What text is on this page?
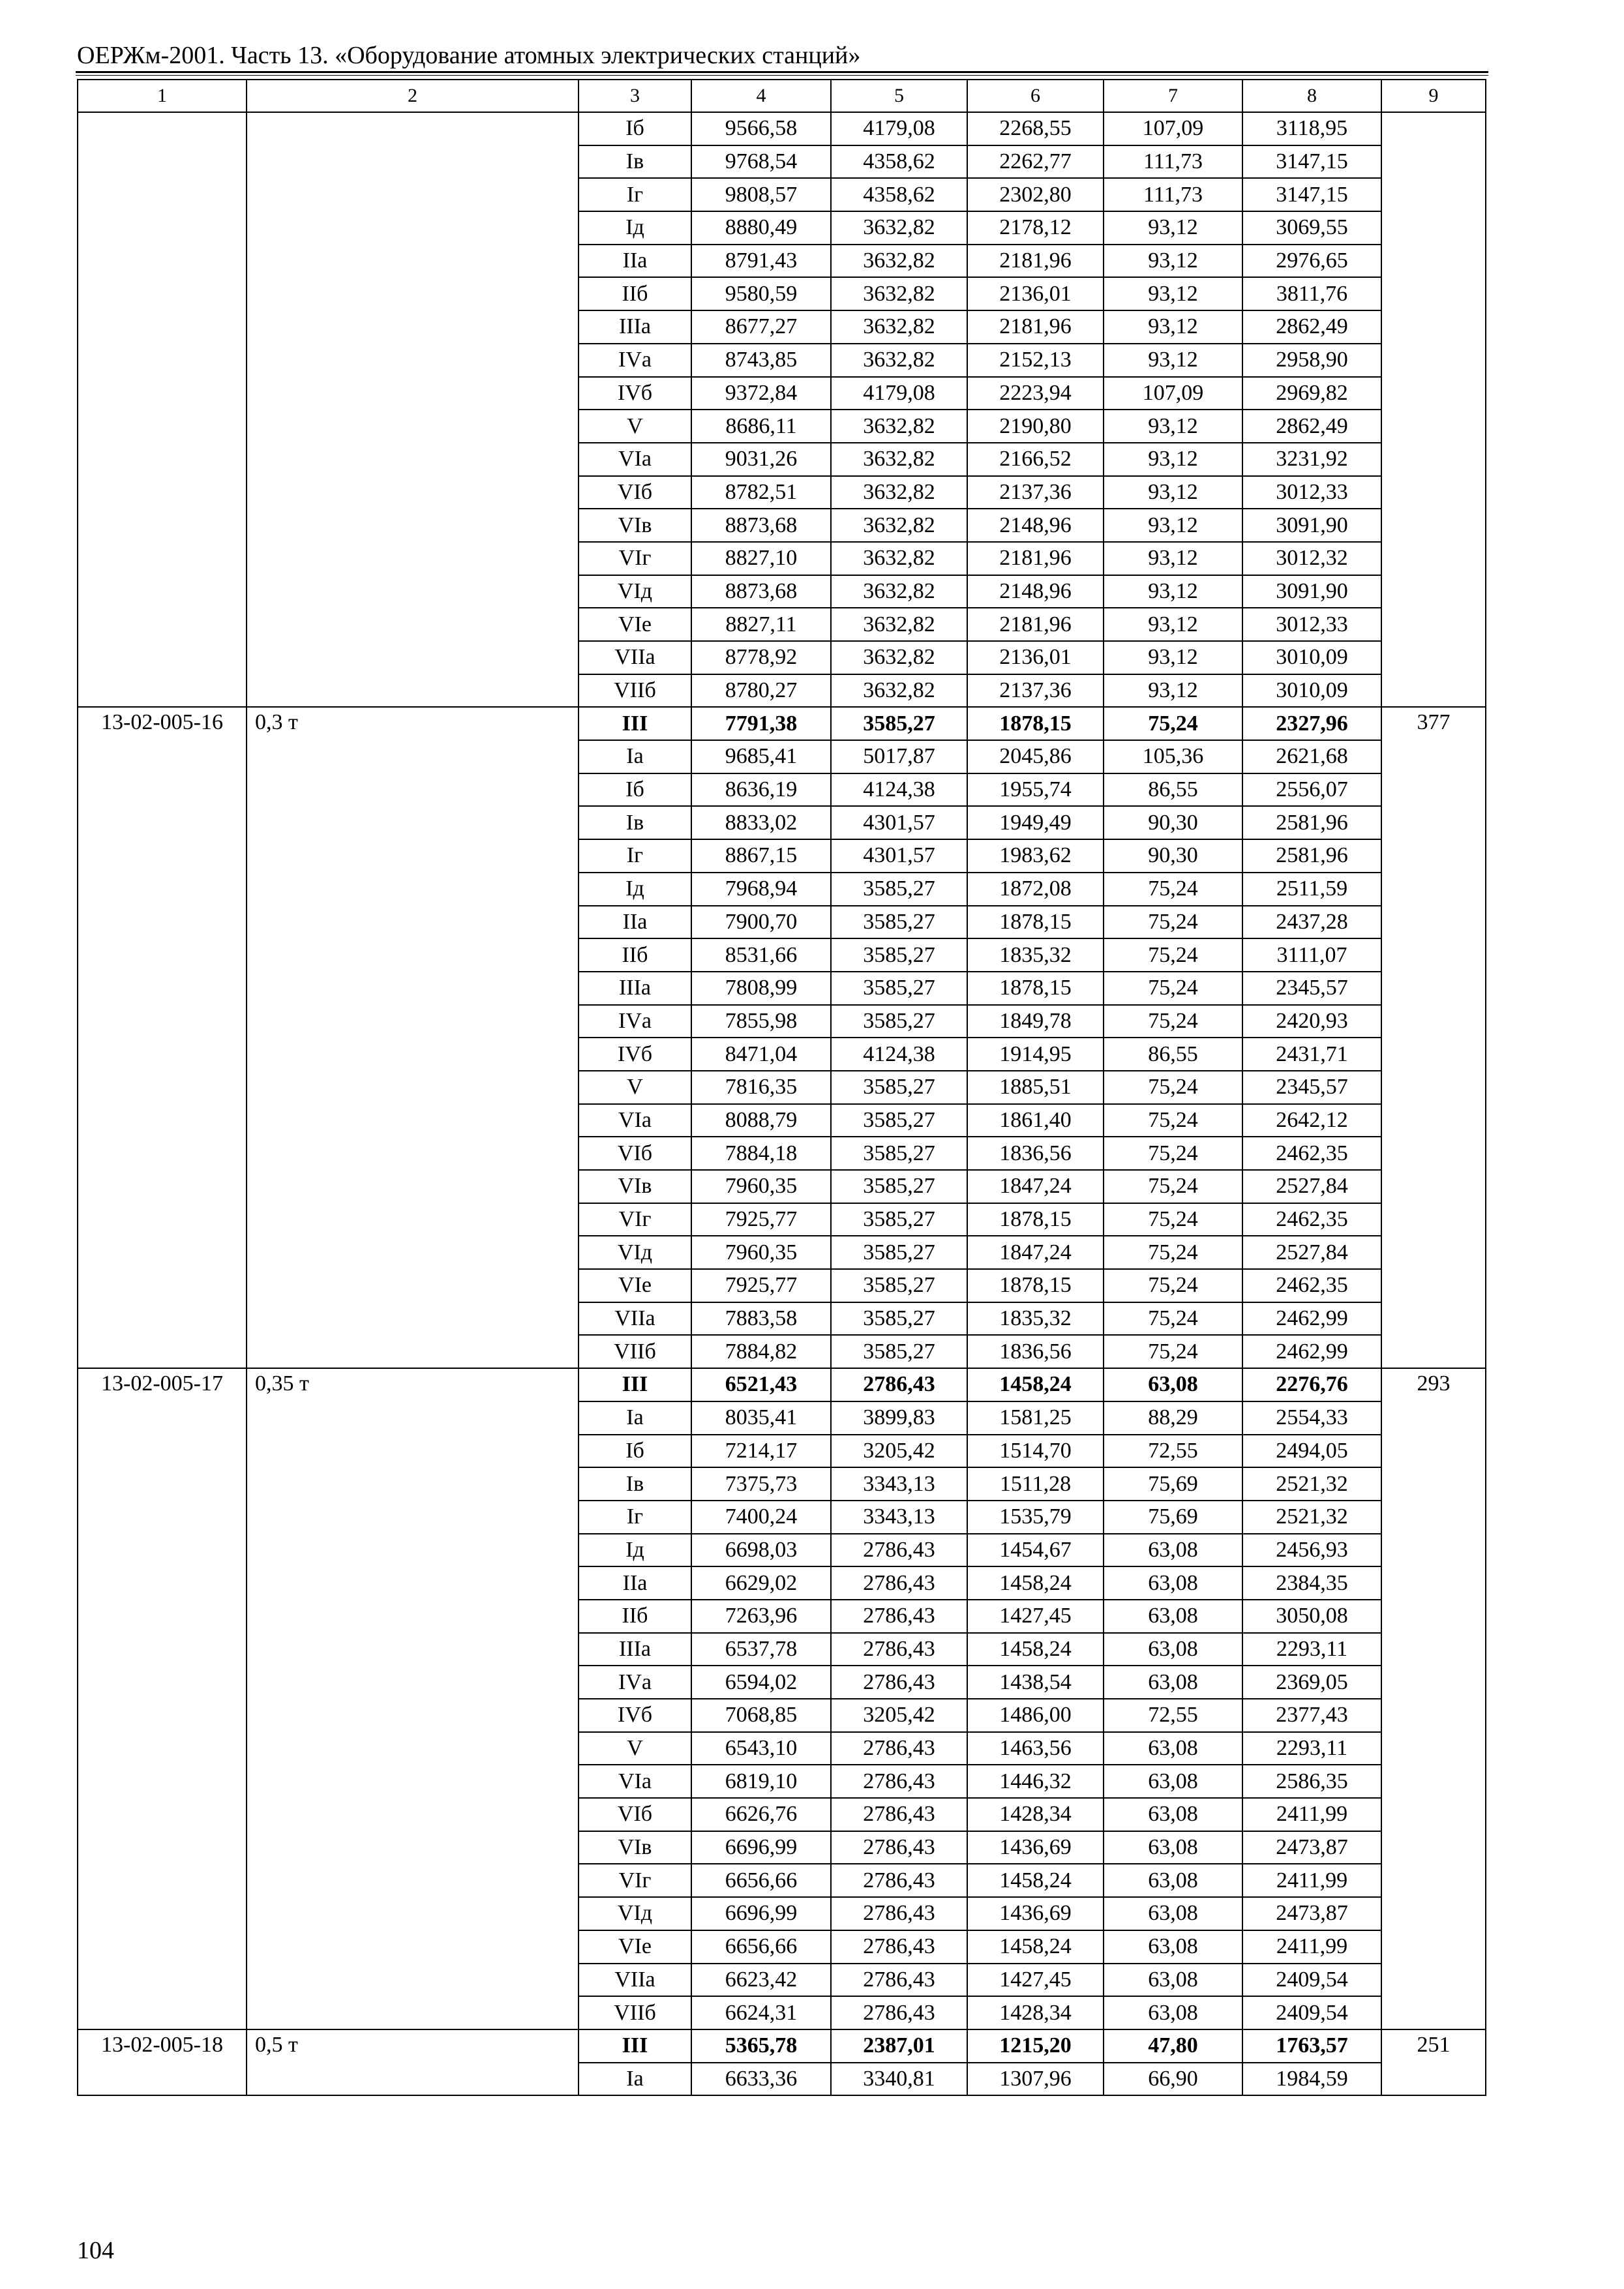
ОЕРЖм-2001. Часть 13. «Оборудование атомных электрических станций»
1	2	3	4	5	6	7	8	9
		Iб	9566,58	4179,08	2268,55	107,09	3118,95	
		Iв	9768,54	4358,62	2262,77	111,73	3147,15	
		Iг	9808,57	4358,62	2302,80	111,73	3147,15	
		Iд	8880,49	3632,82	2178,12	93,12	3069,55	
		IIа	8791,43	3632,82	2181,96	93,12	2976,65	
		IIб	9580,59	3632,82	2136,01	93,12	3811,76	
		IIIа	8677,27	3632,82	2181,96	93,12	2862,49	
		IVа	8743,85	3632,82	2152,13	93,12	2958,90	
		IVб	9372,84	4179,08	2223,94	107,09	2969,82	
		V	8686,11	3632,82	2190,80	93,12	2862,49	
		VIа	9031,26	3632,82	2166,52	93,12	3231,92	
		VIб	8782,51	3632,82	2137,36	93,12	3012,33	
		VIв	8873,68	3632,82	2148,96	93,12	3091,90	
		VIг	8827,10	3632,82	2181,96	93,12	3012,32	
		VIд	8873,68	3632,82	2148,96	93,12	3091,90	
		VIе	8827,11	3632,82	2181,96	93,12	3012,33	
		VIIа	8778,92	3632,82	2136,01	93,12	3010,09	
		VIIб	8780,27	3632,82	2137,36	93,12	3010,09	
13-02-005-16	0,3 т	III	7791,38	3585,27	1878,15	75,24	2327,96	377
		Iа	9685,41	5017,87	2045,86	105,36	2621,68	
		Iб	8636,19	4124,38	1955,74	86,55	2556,07	
		Iв	8833,02	4301,57	1949,49	90,30	2581,96	
		Iг	8867,15	4301,57	1983,62	90,30	2581,96	
		Iд	7968,94	3585,27	1872,08	75,24	2511,59	
		IIа	7900,70	3585,27	1878,15	75,24	2437,28	
		IIб	8531,66	3585,27	1835,32	75,24	3111,07	
		IIIа	7808,99	3585,27	1878,15	75,24	2345,57	
		IVа	7855,98	3585,27	1849,78	75,24	2420,93	
		IVб	8471,04	4124,38	1914,95	86,55	2431,71	
		V	7816,35	3585,27	1885,51	75,24	2345,57	
		VIа	8088,79	3585,27	1861,40	75,24	2642,12	
		VIб	7884,18	3585,27	1836,56	75,24	2462,35	
		VIв	7960,35	3585,27	1847,24	75,24	2527,84	
		VIг	7925,77	3585,27	1878,15	75,24	2462,35	
		VIд	7960,35	3585,27	1847,24	75,24	2527,84	
		VIе	7925,77	3585,27	1878,15	75,24	2462,35	
		VIIа	7883,58	3585,27	1835,32	75,24	2462,99	
		VIIб	7884,82	3585,27	1836,56	75,24	2462,99	
13-02-005-17	0,35 т	III	6521,43	2786,43	1458,24	63,08	2276,76	293
		Iа	8035,41	3899,83	1581,25	88,29	2554,33	
		Iб	7214,17	3205,42	1514,70	72,55	2494,05	
		Iв	7375,73	3343,13	1511,28	75,69	2521,32	
		Iг	7400,24	3343,13	1535,79	75,69	2521,32	
		Iд	6698,03	2786,43	1454,67	63,08	2456,93	
		IIа	6629,02	2786,43	1458,24	63,08	2384,35	
		IIб	7263,96	2786,43	1427,45	63,08	3050,08	
		IIIа	6537,78	2786,43	1458,24	63,08	2293,11	
		IVа	6594,02	2786,43	1438,54	63,08	2369,05	
		IVб	7068,85	3205,42	1486,00	72,55	2377,43	
		V	6543,10	2786,43	1463,56	63,08	2293,11	
		VIа	6819,10	2786,43	1446,32	63,08	2586,35	
		VIб	6626,76	2786,43	1428,34	63,08	2411,99	
		VIв	6696,99	2786,43	1436,69	63,08	2473,87	
		VIг	6656,66	2786,43	1458,24	63,08	2411,99	
		VIд	6696,99	2786,43	1436,69	63,08	2473,87	
		VIе	6656,66	2786,43	1458,24	63,08	2411,99	
		VIIа	6623,42	2786,43	1427,45	63,08	2409,54	
		VIIб	6624,31	2786,43	1428,34	63,08	2409,54	
13-02-005-18	0,5 т	III	5365,78	2387,01	1215,20	47,80	1763,57	251
		Iа	6633,36	3340,81	1307,96	66,90	1984,59	
104
